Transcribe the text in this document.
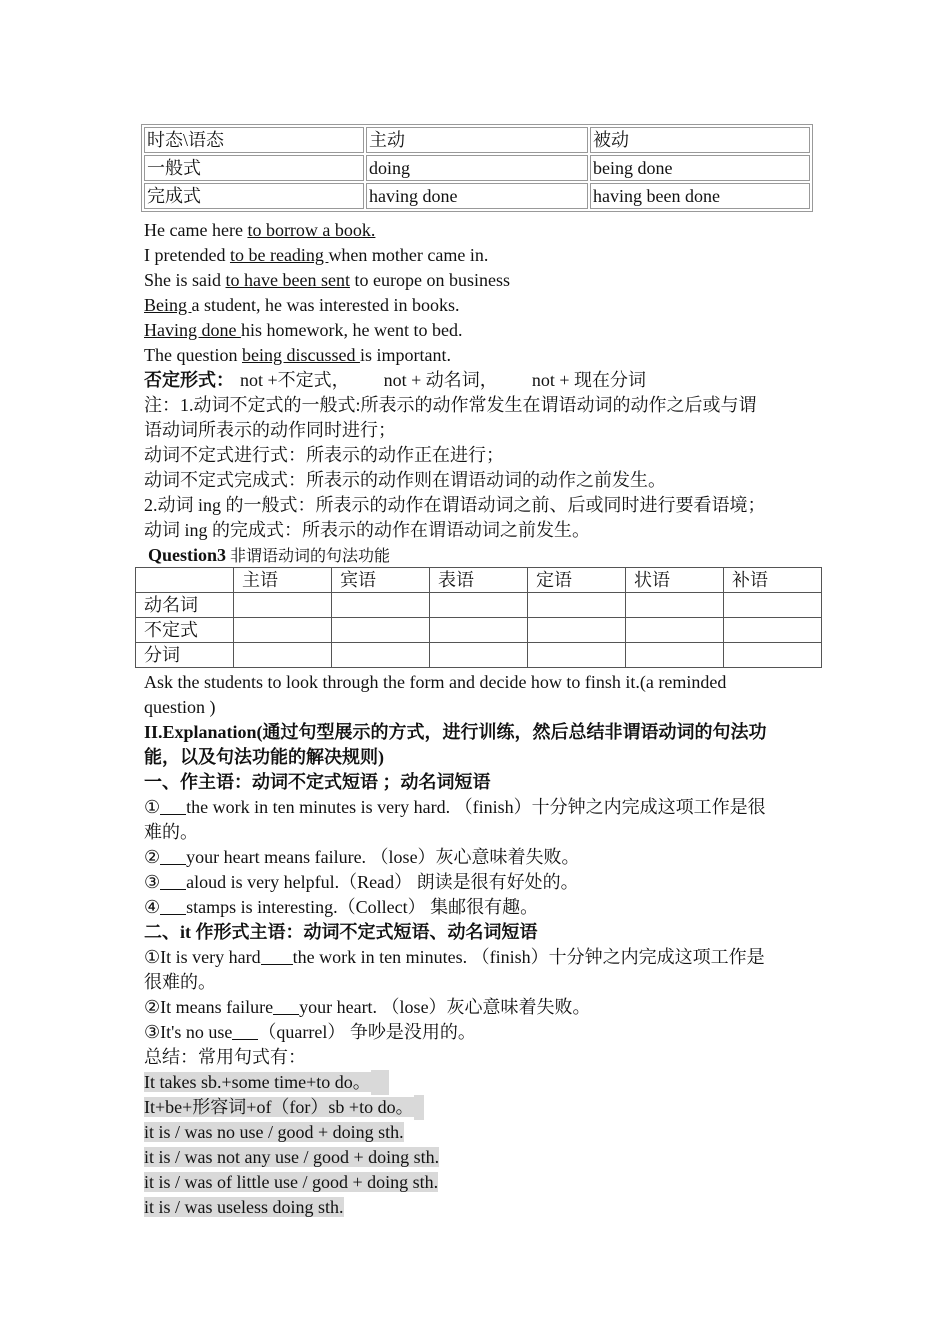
时态\语态	主动	被动
一般式	doing	being done
完成式	having done	having been done
He came here to borrow a book.
I pretended to be reading when mother came in.
She is said to have been sent to europe on business
Being a student, he was interested in books.
Having done his homework, he went to bed.
The question being discussed is important.
否定形式： not +不定式， not + 动名词， not + 现在分词
注：1.动词不定式的一般式:所表示的动作常发生在谓语动词的动作之后或与谓
语动词所表示的动作同时进行；
动词不定式进行式：所表示的动作正在进行；
动词不定式完成式：所表示的动作则在谓语动词的动作之前发生。
2.动词 ing 的一般式：所表示的动作在谓语动词之前、后或同时进行要看语境；
动词 ing 的完成式：所表示的动作在谓语动词之前发生。
Question3 非谓语动词的句法功能
	主语	宾语	表语	定语	状语	补语
动名词						
不定式						
分词						
Ask the students to look through the form and decide how to finsh it.(a reminded
question )
II.Explanation(通过句型展示的方式，进行训练，然后总结非谓语动词的句法功
能，以及句法功能的解决规则)
一、作主语：动词不定式短语 ；动名词短语
① the work in ten minutes is very hard. （finish）十分钟之内完成这项工作是很
难的。
② your heart means failure. （lose）灰心意味着失败。
③ aloud is very helpful.（Read） 朗读是很有好处的。
④ stamps is interesting.（Collect） 集邮很有趣。
二、it 作形式主语：动词不定式短语、动名词短语
①It is very hard the work in ten minutes. （finish）十分钟之内完成这项工作是
很难的。
②It means failure your heart. （lose）灰心意味着失败。
③It's no use （quarrel） 争吵是没用的。
总结：常用句式有：
It takes sb.+some time+to do。
It+be+形容词+of（for）sb +to do。
it is / was no use / good + doing sth.
it is / was not any use / good + doing sth.
it is / was of little use / good + doing sth.
it is / was useless doing sth.
